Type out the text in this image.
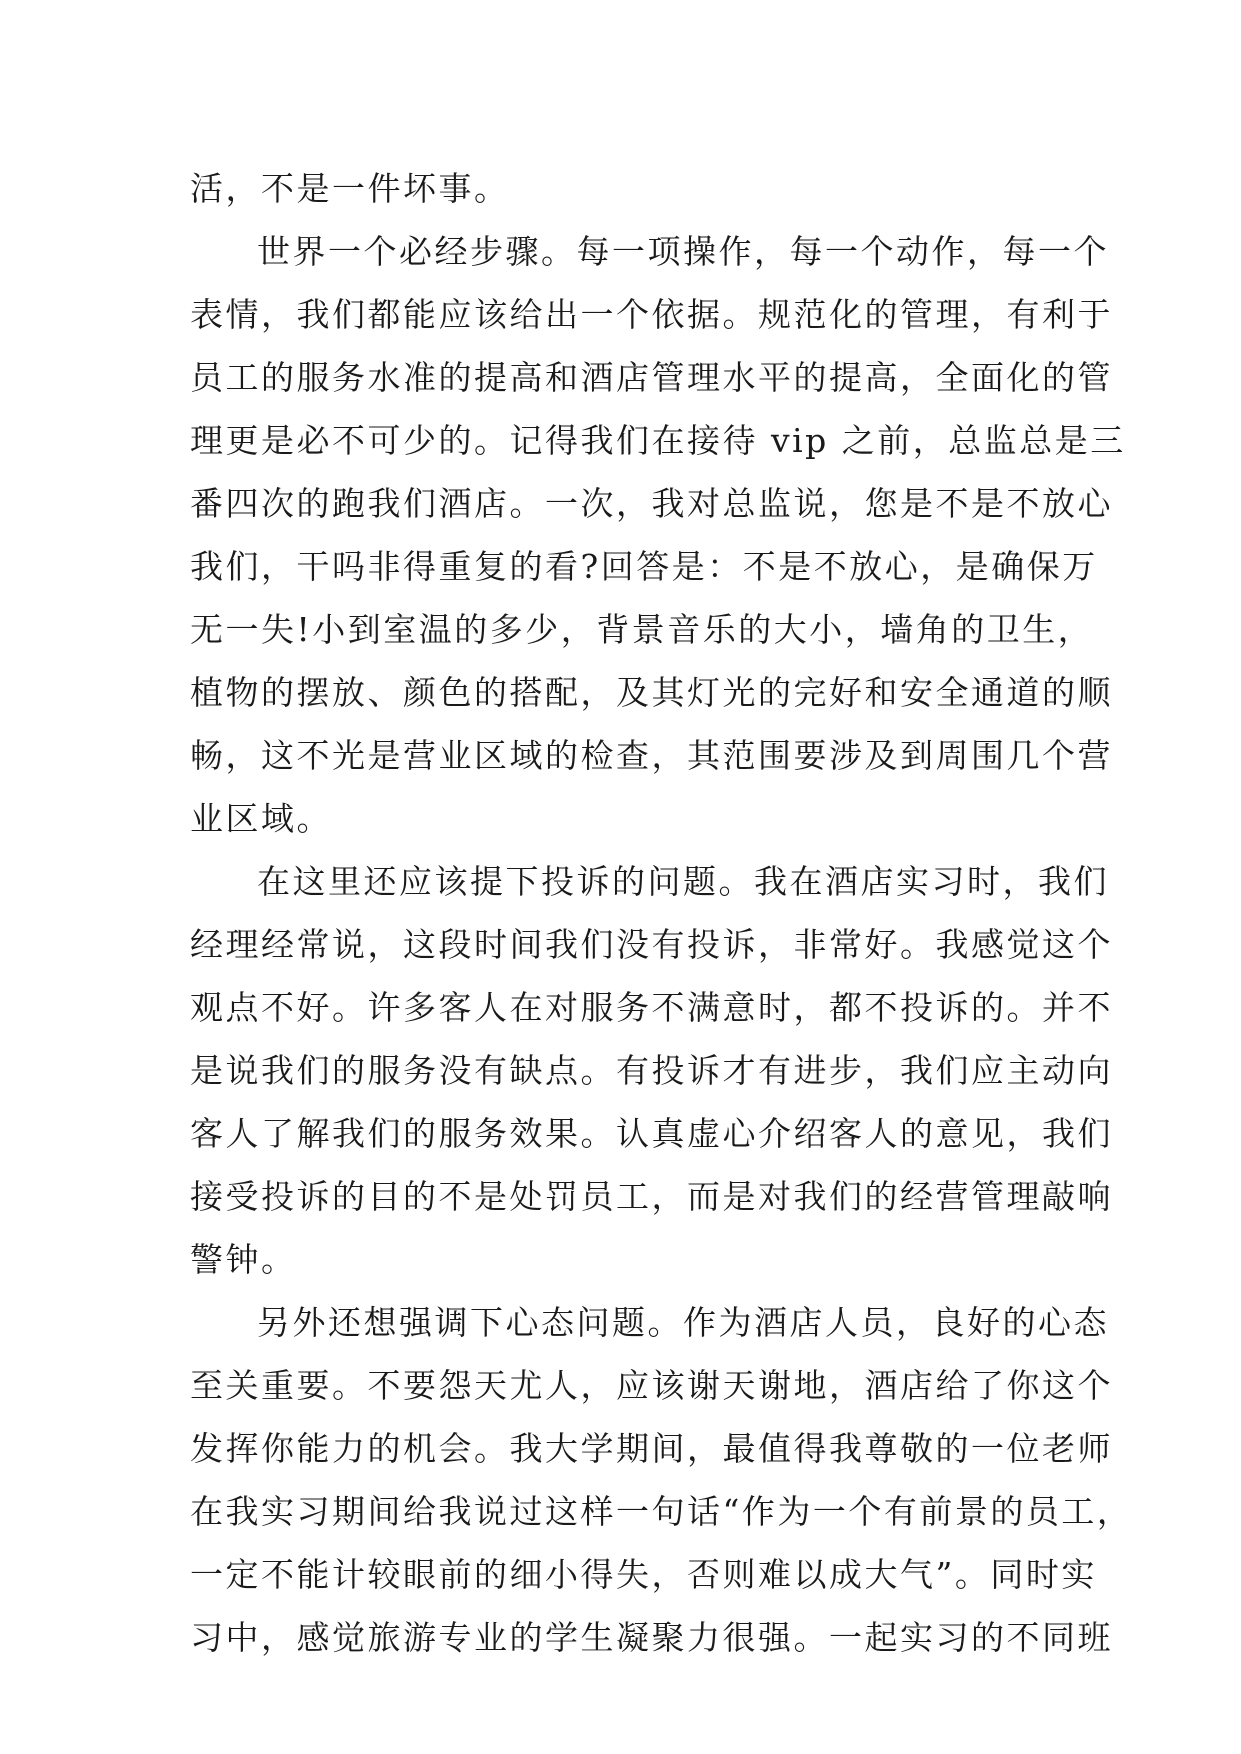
活，不是一件坏事。
世界一个必经步骤。每一项操作，每一个动作，每一个
表情，我们都能应该给出一个依据。规范化的管理，有利于
员工的服务水准的提高和酒店管理水平的提高，全面化的管
理更是必不可少的。记得我们在接待 vip 之前，总监总是三
番四次的跑我们酒店。一次，我对总监说，您是不是不放心
我们，干吗非得重复的看?回答是：不是不放心，是确保万
无一失!小到室温的多少，背景音乐的大小，墙角的卫生，
植物的摆放、颜色的搭配，及其灯光的完好和安全通道的顺
畅，这不光是营业区域的检查，其范围要涉及到周围几个营
业区域。
在这里还应该提下投诉的问题。我在酒店实习时，我们
经理经常说，这段时间我们没有投诉，非常好。我感觉这个
观点不好。许多客人在对服务不满意时，都不投诉的。并不
是说我们的服务没有缺点。有投诉才有进步，我们应主动向
客人了解我们的服务效果。认真虚心介绍客人的意见，我们
接受投诉的目的不是处罚员工，而是对我们的经营管理敲响
警钟。
另外还想强调下心态问题。作为酒店人员，良好的心态
至关重要。不要怨天尤人，应该谢天谢地，酒店给了你这个
发挥你能力的机会。我大学期间，最值得我尊敬的一位老师
在我实习期间给我说过这样一句话“作为一个有前景的员工，
一定不能计较眼前的细小得失，否则难以成大气”。同时实
习中，感觉旅游专业的学生凝聚力很强。一起实习的不同班
